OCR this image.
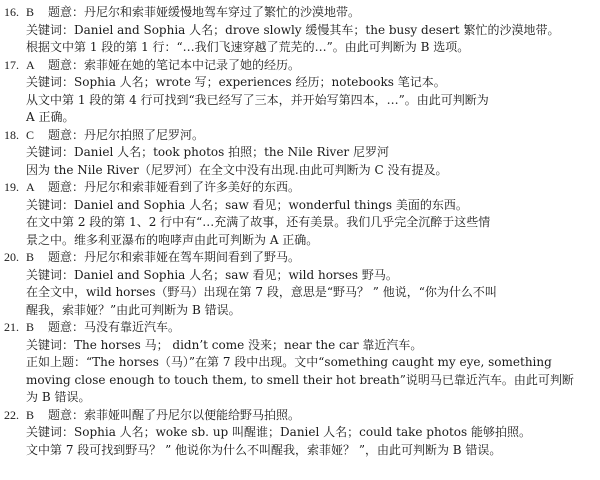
16. B 题意：丹尼尔和索菲娅缓慢地驾车穿过了繁忙的沙漠地带。
关键词：Daniel and Sophia 人名；drove slowly 缓慢其车；the busy desert 繁忙的沙漠地带。
根据文中第 1 段的第 1 行：“…我们飞速穿越了荒芜的…”。由此可判断为 B 选项。
17. A 题意：索菲娅在她的笔记本中记录了她的经历。
关键词：Sophia 人名；wrote 写；experiences 经历；notebooks 笔记本。
从文中第 1 段的第 4 行可找到“我已经写了三本，并开始写第四本，…”。由此可判断为
A 正确。
18. C 题意：丹尼尔拍照了尼罗河。
关键词：Daniel 人名；took photos 拍照；the Nile River 尼罗河
因为 the Nile River（尼罗河）在全文中没有出现.由此可判断为 C 没有提及。
19. A 题意：丹尼尔和索菲娅看到了许多美好的东西。
关键词：Daniel and Sophia 人名；saw 看见；wonderful things 美面的东西。
在文中第 2 段的第 1、2 行中有“…充满了故事，还有美景。我们几乎完全沉醉于这些情
景之中。维多利亚瀑布的咆哮声由此可判断为 A 正确。
20. B 题意：丹尼尔和索菲娅在驾车期间看到了野马。
关键词：Daniel and Sophia 人名；saw 看见；wild horses 野马。
在全文中，wild horses（野马）出现在第 7 段，意思是“野马？ ” 他说，“你为什么不叫
醒我，索菲娅？”由此可判断为 B 错误。
21. B 题意：马没有靠近汽车。
关键词：The horses 马； didn’t come 没来；near the car 靠近汽车。
正如上题：“The horses（马）”在第 7 段中出现。文中“something caught my eye, something
moving close enough to touch them, to smell their hot breath”说明马已靠近汽车。由此可判断
为 B 错误。
22. B 题意：索菲娅叫醒了丹尼尔以便能给野马拍照。
关键词：Sophia 人名；woke sb. up 叫醒谁；Daniel 人名；could take photos 能够拍照。
文中第 7 段可找到野马？ ” 他说你为什么不叫醒我，索菲娅？ ”，由此可判断为 B 错误。
